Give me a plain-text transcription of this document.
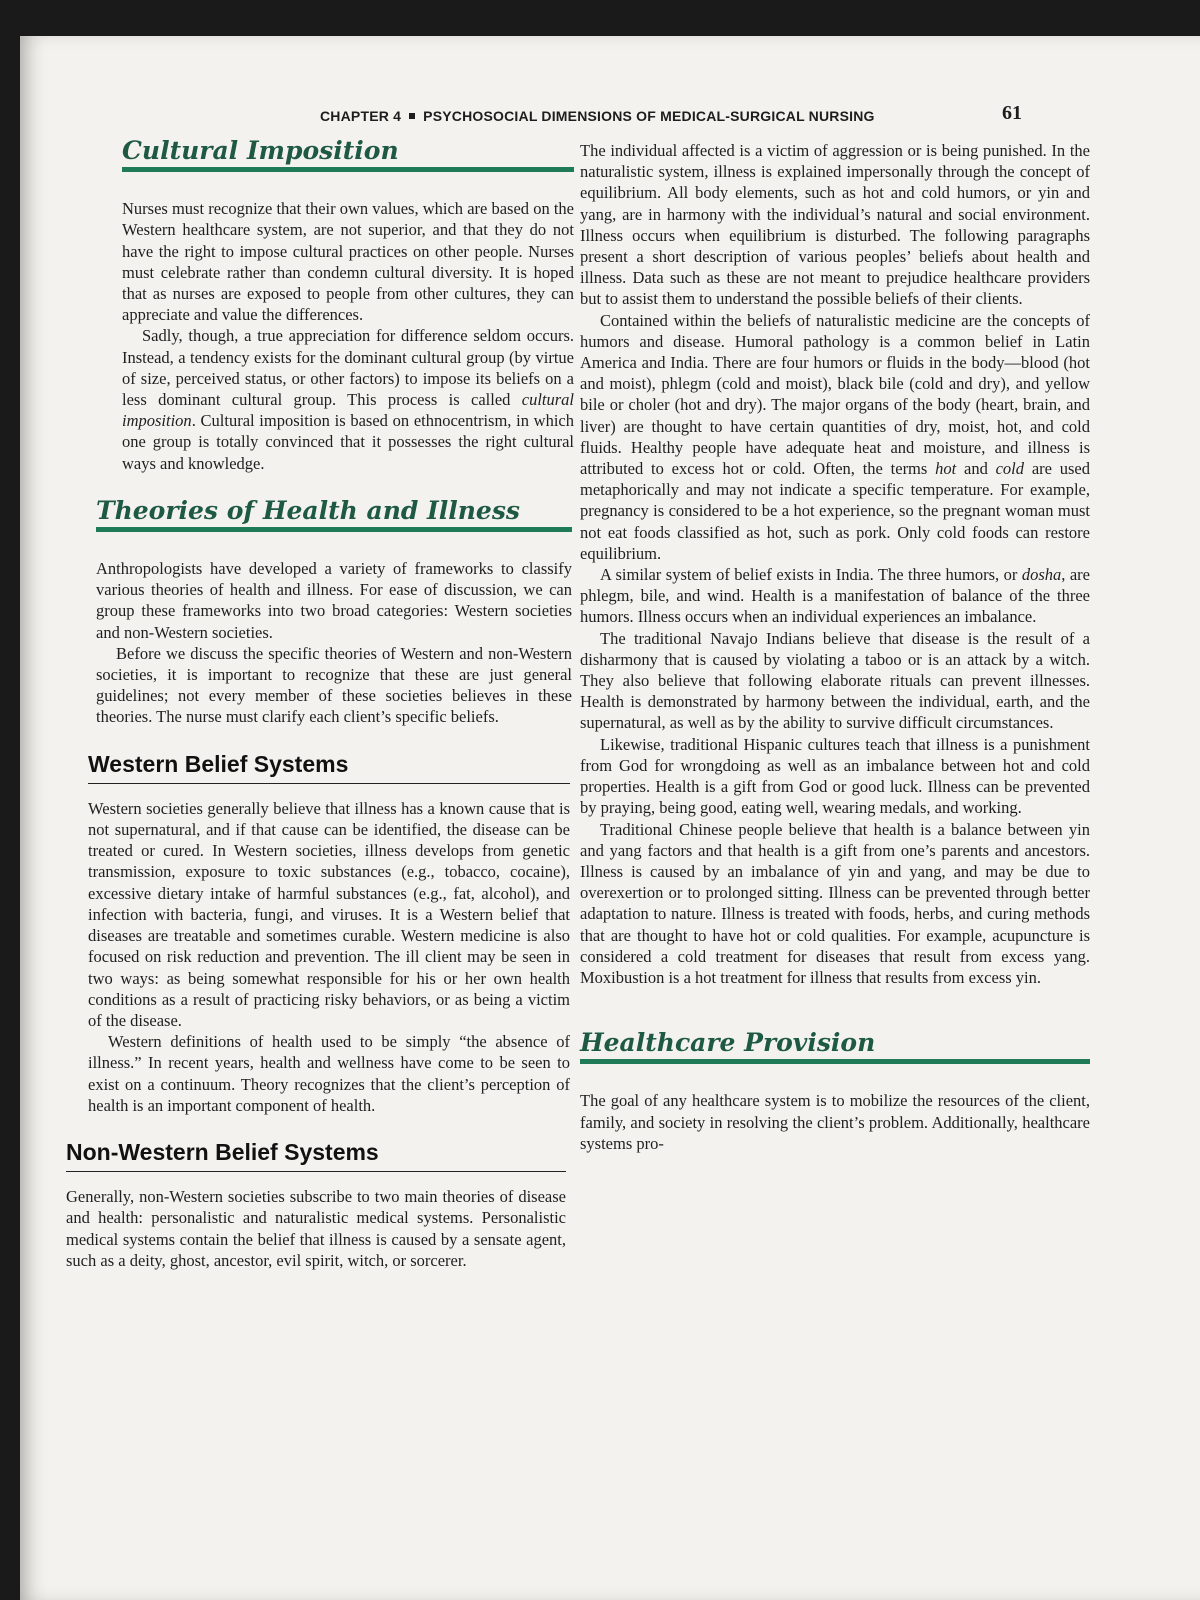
CHAPTER 4 PSYCHOSOCIAL DIMENSIONS OF MEDICAL-SURGICAL NURSING	61
Cultural Imposition

Nurses must recognize that their own values, which are based on the Western healthcare system, are not superior, and that they do not have the right to impose cultural practices on other people. Nurses must celebrate rather than condemn cultural diversity. It is hoped that as nurses are exposed to people from other cultures, they can appreciate and value the differences.

Sadly, though, a true appreciation for difference seldom occurs. Instead, a tendency exists for the dominant cultural group (by virtue of size, perceived status, or other factors) to impose its beliefs on a less dominant cultural group. This process is called cultural imposition. Cultural imposition is based on ethnocentrism, in which one group is totally convinced that it possesses the right cultural ways and knowledge.

Theories of Health and Illness

Anthropologists have developed a variety of frameworks to classify various theories of health and illness. For ease of discussion, we can group these frameworks into two broad categories: Western societies and non-Western societies.

Before we discuss the specific theories of Western and non-Western societies, it is important to recognize that these are just general guidelines; not every member of these societies believes in these theories. The nurse must clarify each client’s specific beliefs.

Western Belief Systems

Western societies generally believe that illness has a known cause that is not supernatural, and if that cause can be identified, the disease can be treated or cured. In Western societies, illness develops from genetic transmission, exposure to toxic substances (e.g., tobacco, cocaine), excessive dietary intake of harmful substances (e.g., fat, alcohol), and infection with bacteria, fungi, and viruses. It is a Western belief that diseases are treatable and sometimes curable. Western medicine is also focused on risk reduction and prevention. The ill client may be seen in two ways: as being somewhat responsible for his or her own health conditions as a result of practicing risky behaviors, or as being a victim of the disease.

Western definitions of health used to be simply “the absence of illness.” In recent years, health and wellness have come to be seen to exist on a continuum. Theory recognizes that the client’s perception of health is an important component of health.

Non-Western Belief Systems

Generally, non-Western societies subscribe to two main theories of disease and health: personalistic and naturalistic medical systems. Personalistic medical systems contain the belief that illness is caused by a sensate agent, such as a deity, ghost, ancestor, evil spirit, witch, or sorcerer.

The individual affected is a victim of aggression or is being punished. In the naturalistic system, illness is explained impersonally through the concept of equilibrium. All body elements, such as hot and cold humors, or yin and yang, are in harmony with the individual’s natural and social environment. Illness occurs when equilibrium is disturbed. The following paragraphs present a short description of various peoples’ beliefs about health and illness. Data such as these are not meant to prejudice healthcare providers but to assist them to understand the possible beliefs of their clients.

Contained within the beliefs of naturalistic medicine are the concepts of humors and disease. Humoral pathology is a common belief in Latin America and India. There are four humors or fluids in the body—blood (hot and moist), phlegm (cold and moist), black bile (cold and dry), and yellow bile or choler (hot and dry). The major organs of the body (heart, brain, and liver) are thought to have certain quantities of dry, moist, hot, and cold fluids. Healthy people have adequate heat and moisture, and illness is attributed to excess hot or cold. Often, the terms hot and cold are used metaphorically and may not indicate a specific temperature. For example, pregnancy is considered to be a hot experience, so the pregnant woman must not eat foods classified as hot, such as pork. Only cold foods can restore equilibrium.

A similar system of belief exists in India. The three humors, or dosha, are phlegm, bile, and wind. Health is a manifestation of balance of the three humors. Illness occurs when an individual experiences an imbalance.

The traditional Navajo Indians believe that disease is the result of a disharmony that is caused by violating a taboo or is an attack by a witch. They also believe that following elaborate rituals can prevent illnesses. Health is demonstrated by harmony between the individual, earth, and the supernatural, as well as by the ability to survive difficult circumstances.

Likewise, traditional Hispanic cultures teach that illness is a punishment from God for wrongdoing as well as an imbalance between hot and cold properties. Health is a gift from God or good luck. Illness can be prevented by praying, being good, eating well, wearing medals, and working.

Traditional Chinese people believe that health is a balance between yin and yang factors and that health is a gift from one’s parents and ancestors. Illness is caused by an imbalance of yin and yang, and may be due to overexertion or to prolonged sitting. Illness can be prevented through better adaptation to nature. Illness is treated with foods, herbs, and curing methods that are thought to have hot or cold qualities. For example, acupuncture is considered a cold treatment for diseases that result from excess yang. Moxibustion is a hot treatment for illness that results from excess yin.

Healthcare Provision

The goal of any healthcare system is to mobilize the resources of the client, family, and society in resolving the client’s problem. Additionally, healthcare systems pro-
